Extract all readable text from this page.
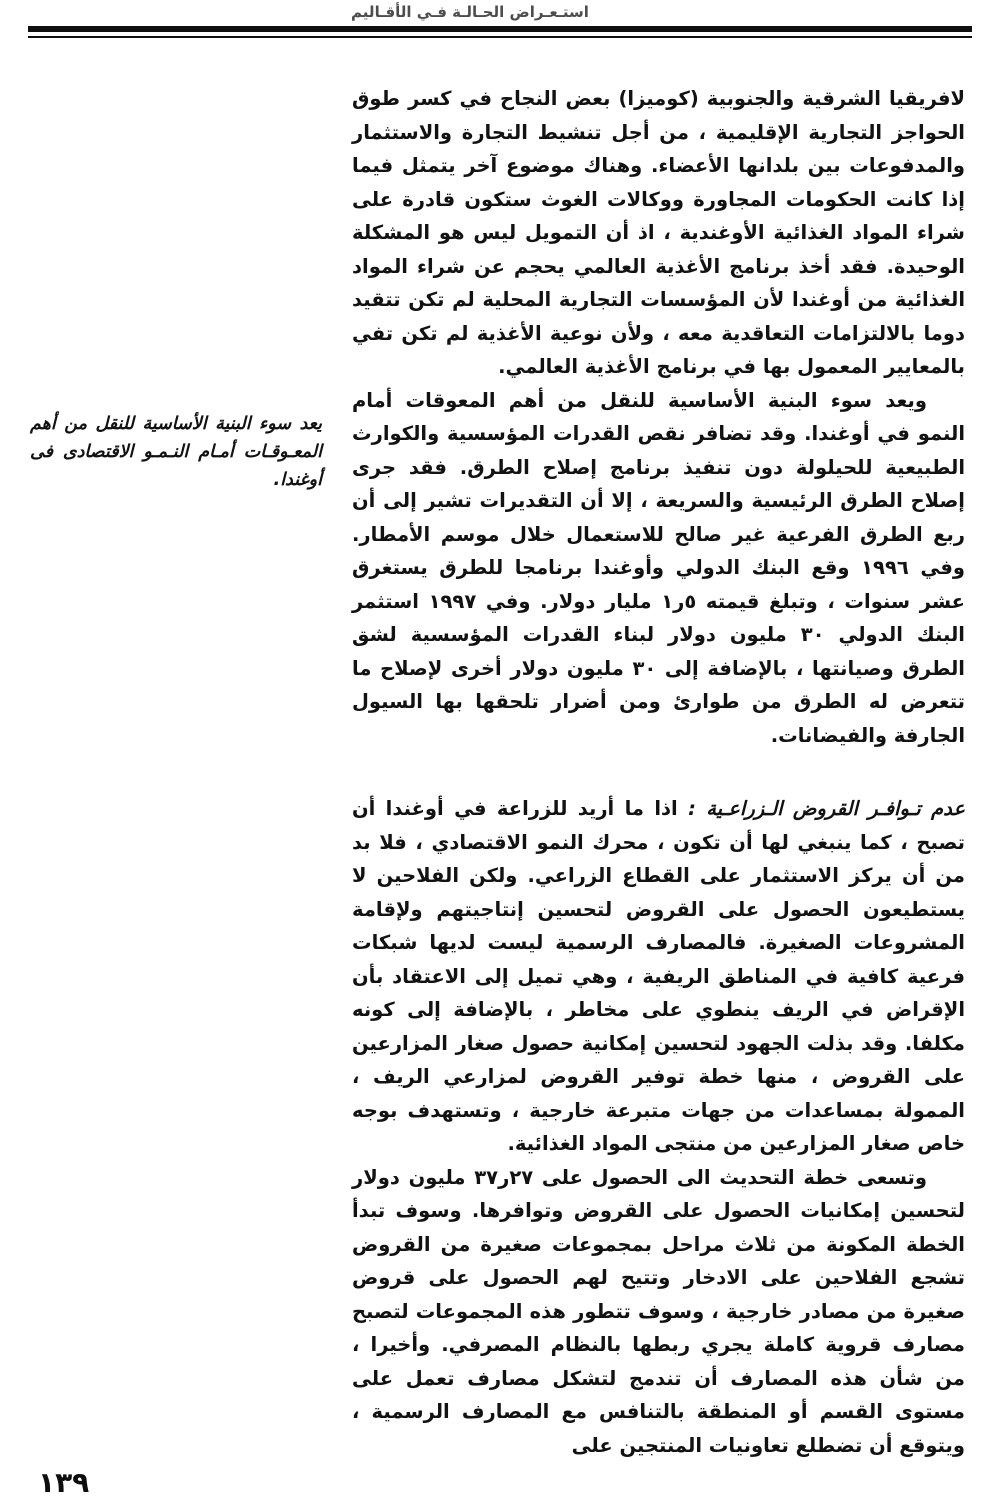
استـعـراض الحـالـة فـي الأقـاليم
يعد سوء البنية الأساسية للنقل من أهم المعـوقـات أمـام النـمـو الاقتصادى فى أوغندا.

لافريقيا الشرقية والجنوبية (كوميزا) بعض النجاح في كسر طوق الحواجز التجارية الإقليمية ، من أجل تنشيط التجارة والاستثمار والمدفوعات بين بلدانها الأعضاء. وهناك موضوع آخر يتمثل فيما إذا كانت الحكومات المجاورة ووكالات الغوث ستكون قادرة على شراء المواد الغذائية الأوغندية ، اذ أن التمويل ليس هو المشكلة الوحيدة. فقد أخذ برنامج الأغذية العالمي يحجم عن شراء المواد الغذائية من أوغندا لأن المؤسسات التجارية المحلية لم تكن تتقيد دوما بالالتزامات التعاقدية معه ، ولأن نوعية الأغذية لم تكن تفي بالمعايير المعمول بها في برنامج الأغذية العالمي.

ويعد سوء البنية الأساسية للنقل من أهم المعوقات أمام النمو في أوغندا. وقد تضافر نقص القدرات المؤسسية والكوارث الطبيعية للحيلولة دون تنفيذ برنامج إصلاح الطرق. فقد جرى إصلاح الطرق الرئيسية والسريعة ، إلا أن التقديرات تشير إلى أن ربع الطرق الفرعية غير صالح للاستعمال خلال موسم الأمطار. وفي ١٩٩٦ وقع البنك الدولي وأوغندا برنامجا للطرق يستغرق عشر سنوات ، وتبلغ قيمته ٥ر١ مليار دولار. وفي ١٩٩٧ استثمر البنك الدولي ٣٠ مليون دولار لبناء القدرات المؤسسية لشق الطرق وصيانتها ، بالإضافة إلى ٣٠ مليون دولار أخرى لإصلاح ما تتعرض له الطرق من طوارئ ومن أضرار تلحقها بها السيول الجارفة والفيضانات.

عدم تـوافـر القروض الـزراعـية : اذا ما أريد للزراعة في أوغندا أن تصبح ، كما ينبغي لها أن تكون ، محرك النمو الاقتصادي ، فلا بد من أن يركز الاستثمار على القطاع الزراعي. ولكن الفلاحين لا يستطيعون الحصول على القروض لتحسين إنتاجيتهم ولإقامة المشروعات الصغيرة. فالمصارف الرسمية ليست لديها شبكات فرعية كافية في المناطق الريفية ، وهي تميل إلى الاعتقاد بأن الإقراض في الريف ينطوي على مخاطر ، بالإضافة إلى كونه مكلفا. وقد بذلت الجهود لتحسين إمكانية حصول صغار المزارعين على القروض ، منها خطة توفير القروض لمزارعي الريف ، الممولة بمساعدات من جهات متبرعة خارجية ، وتستهدف بوجه خاص صغار المزارعين من منتجى المواد الغذائية.

وتسعى خطة التحديث الى الحصول على ٢٧ر٣٧ مليون دولار لتحسين إمكانيات الحصول على القروض وتوافرها. وسوف تبدأ الخطة المكونة من ثلاث مراحل بمجموعات صغيرة من القروض تشجع الفلاحين على الادخار وتتيح لهم الحصول على قروض صغيرة من مصادر خارجية ، وسوف تتطور هذه المجموعات لتصبح مصارف قروية كاملة يجري ربطها بالنظام المصرفي. وأخيرا ، من شأن هذه المصارف أن تندمج لتشكل مصارف تعمل على مستوى القسم أو المنطقة بالتنافس مع المصارف الرسمية ، ويتوقع أن تضطلع تعاونيات المنتجين على

١٣٩
